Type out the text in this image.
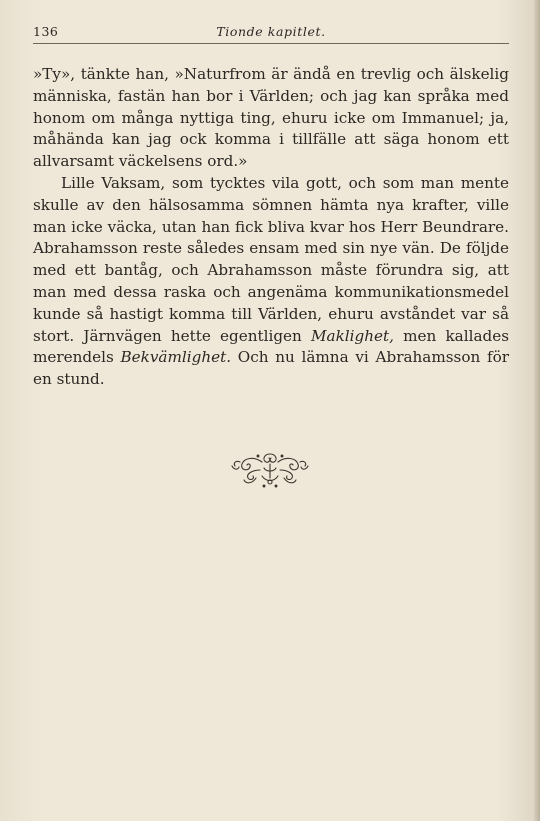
136	Tionde kapitlet.

»Ty», tänkte han, »Naturfrom är ändå en trevlig och älskelig människa, fastän han bor i Världen; och jag kan språka med honom om många nyttiga ting, ehuru icke om Immanuel; ja, måhända kan jag ock komma i tillfälle att säga honom ett allvarsamt väckelsens ord.»

Lille Vaksam, som tycktes vila gott, och som man mente skulle av den hälsosamma sömnen hämta nya krafter, ville man icke väcka, utan han fick bliva kvar hos Herr Beundrare. Abrahamsson reste således ensam med sin nye vän. De följde med ett bantåg, och Abrahamsson måste förundra sig, att man med dessa raska och angenäma kommunikationsmedel kunde så hastigt komma till Världen, ehuru avståndet var så stort. Järnvägen hette egentligen Maklighet, men kallades merendels Bekvämlighet. Och nu lämna vi Abrahamsson för en stund.
